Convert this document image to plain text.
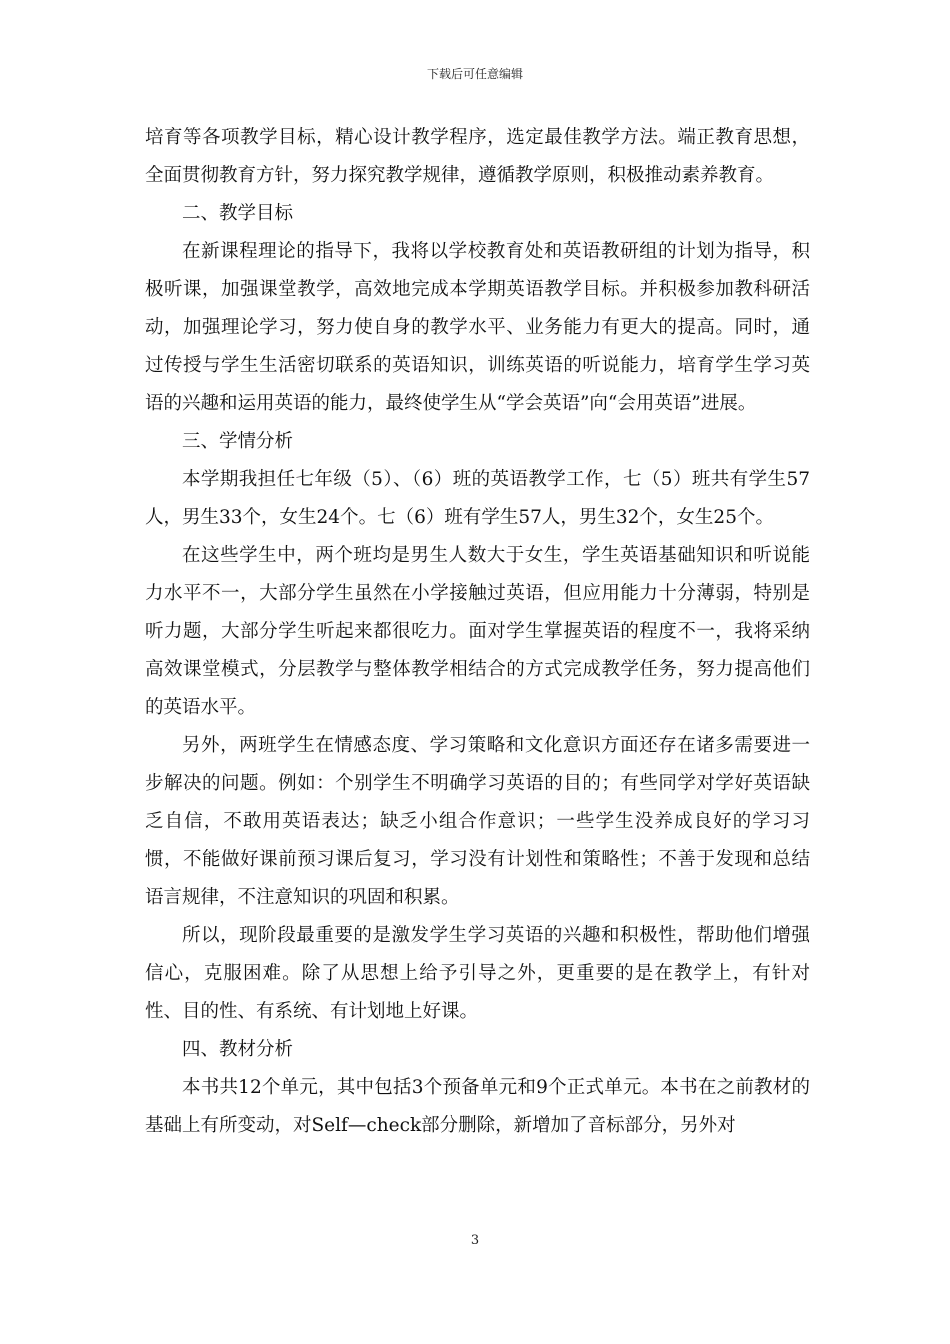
下载后可任意编辑

培育等各项教学目标，精心设计教学程序，选定最佳教学方法。端正教育思想，全面贯彻教育方针，努力探究教学规律，遵循教学原则，积极推动素养教育。

二、教学目标

在新课程理论的指导下，我将以学校教育处和英语教研组的计划为指导，积极听课，加强课堂教学，高效地完成本学期英语教学目标。并积极参加教科研活动，加强理论学习，努力使自身的教学水平、业务能力有更大的提高。同时，通过传授与学生生活密切联系的英语知识，训练英语的听说能力，培育学生学习英语的兴趣和运用英语的能力，最终使学生从“学会英语”向“会用英语”进展。

三、学情分析

本学期我担任七年级（5）、（6）班的英语教学工作，七（5）班共有学生57人，男生33个，女生24个。七（6）班有学生57人，男生32个，女生25个。

在这些学生中，两个班均是男生人数大于女生，学生英语基础知识和听说能力水平不一，大部分学生虽然在小学接触过英语，但应用能力十分薄弱，特别是听力题，大部分学生听起来都很吃力。面对学生掌握英语的程度不一，我将采纳高效课堂模式，分层教学与整体教学相结合的方式完成教学任务，努力提高他们的英语水平。

另外，两班学生在情感态度、学习策略和文化意识方面还存在诸多需要进一步解决的问题。例如：个别学生不明确学习英语的目的；有些同学对学好英语缺乏自信，不敢用英语表达；缺乏小组合作意识；一些学生没养成良好的学习习惯，不能做好课前预习课后复习，学习没有计划性和策略性；不善于发现和总结语言规律，不注意知识的巩固和积累。

所以，现阶段最重要的是激发学生学习英语的兴趣和积极性，帮助他们增强信心，克服困难。除了从思想上给予引导之外，更重要的是在教学上，有针对性、目的性、有系统、有计划地上好课。

四、教材分析

本书共12个单元，其中包括3个预备单元和9个正式单元。本书在之前教材的基础上有所变动，对Self—check部分删除，新增加了音标部分，另外对

3
